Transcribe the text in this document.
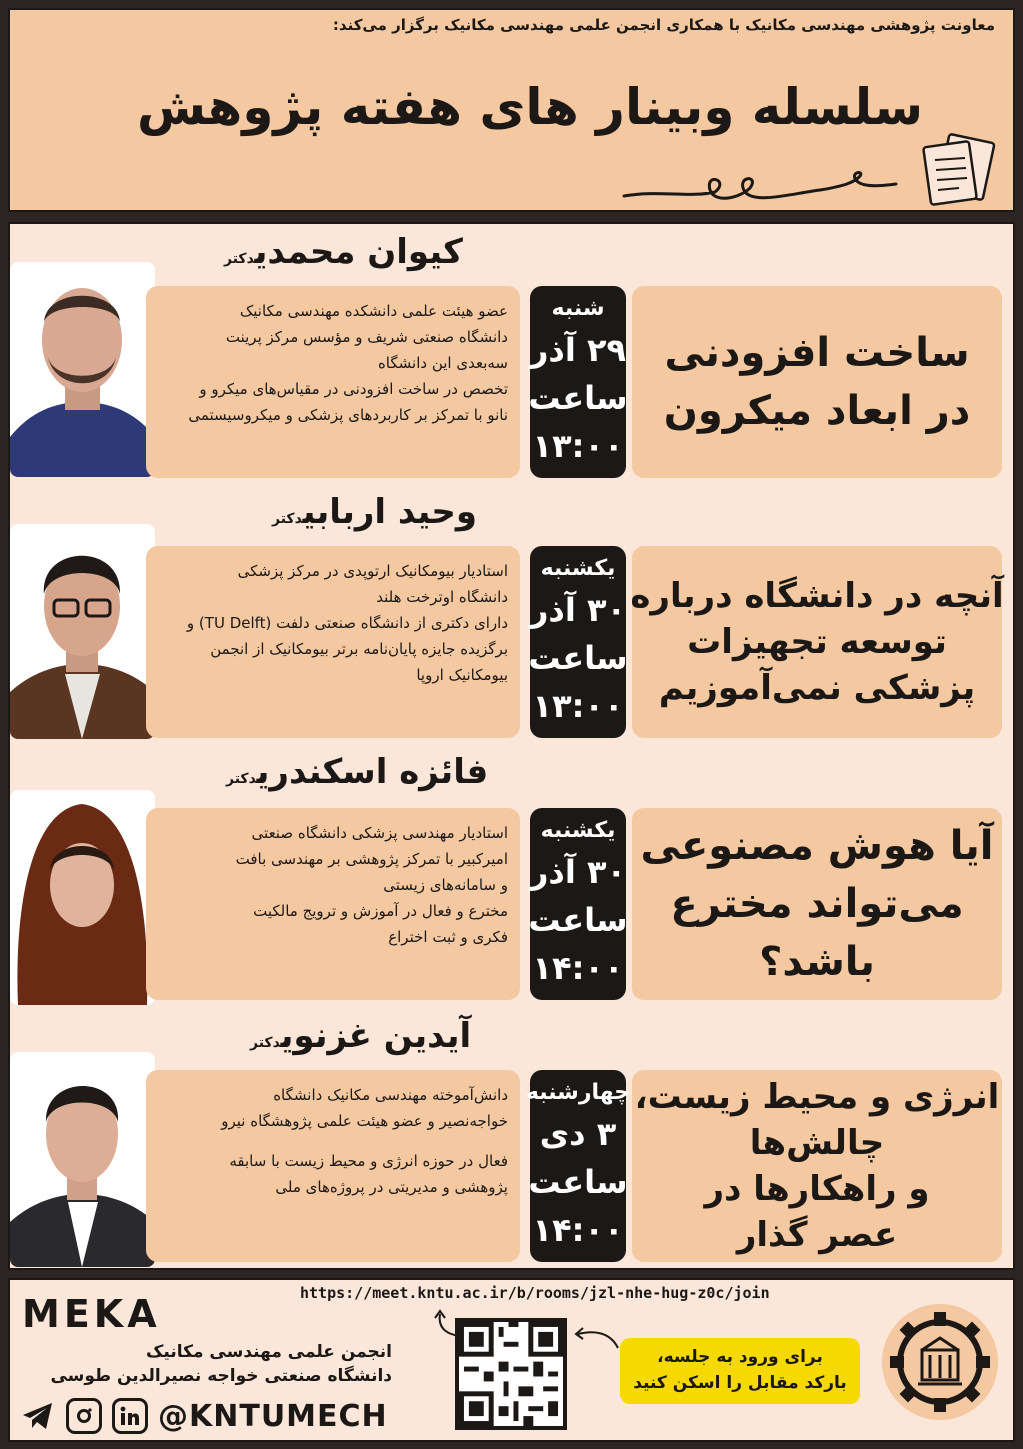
معاونت پژوهشی مهندسی مکانیک با همکاری انجمن علمی مهندسی مکانیک برگزار می‌کند:
سلسله وبینار های هفته پژوهش
کیوان محمدیدکتر

عضو هیئت علمی دانشکده مهندسی مکانیک

دانشگاه صنعتی شریف و مؤسس مرکز پرینت

سه‌بعدی این دانشگاه

تخصص در ساخت افزودنی در مقیاس‌های میکرو و

نانو با تمرکز بر کاربردهای پزشکی و میکروسیستمی

شنبه
۲۹ آذر
ساعت
۱۳:۰۰
ساخت افزودنی
در ابعاد میکرون
وحید اربابیدکتر

استادیار بیومکانیک ارتوپدی در مرکز پزشکی

دانشگاه اوترخت هلند

دارای دکتری از دانشگاه صنعتی دلفت (TU Delft) و

برگزیده جایزه پایان‌نامه برتر بیومکانیک از انجمن

بیومکانیک اروپا

یکشنبه
۳۰ آذر
ساعت
۱۳:۰۰
آنچه در دانشگاه درباره
توسعه تجهیزات
پزشکی نمی‌آموزیم
فائزه اسکندریدکتر

استادیار مهندسی پزشکی دانشگاه صنعتی

امیرکبیر با تمرکز پژوهشی بر مهندسی بافت

و سامانه‌های زیستی

مخترع و فعال در آموزش و ترویج مالکیت

فکری و ثبت اختراع

یکشنبه
۳۰ آذر
ساعت
۱۴:۰۰
آیا هوش مصنوعی
می‌تواند مخترع
باشد؟
آیدین غزنویدکتر

دانش‌آموخته مهندسی مکانیک دانشگاه

خواجه‌نصیر و عضو هیئت علمی پژوهشگاه نیرو

فعال در حوزه انرژی و محیط زیست با سابقه

پژوهشی و مدیریتی در پروژه‌های ملی

چهارشنبه
۳ دی
ساعت
۱۴:۰۰
انرژی و محیط زیست،
چالش‌ها
و راهکارها در
عصر گذار
MEKA
انجمن علمی مهندسی مکانیک
دانشگاه صنعتی خواجه نصیرالدین طوسی
@KNTUMECH
https://meet.kntu.ac.ir/b/rooms/jzl-nhe-hug-z0c/join
برای ورود به جلسه،
بارکد مقابل را اسکن کنید
